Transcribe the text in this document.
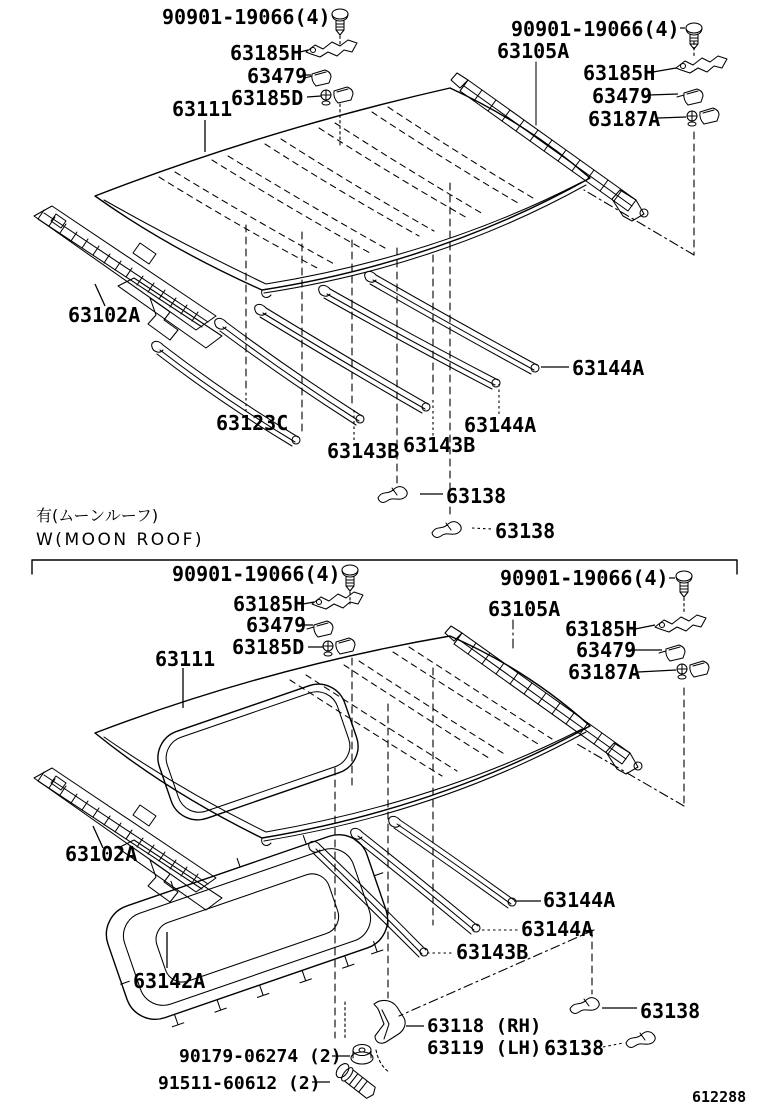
90901-19066(4)
63185H
63479
63185D
63111
63105A
90901-19066(4)
63185H
63479
63187A
63102A
63144A
63123C
63143B 63143B
63144A
63138
63138
有(ムーンルーフ)
W(MOON ROOF)
90901-19066(4)
63185H
63479
63185D
63111
63105A
90901-19066(4)
63185H
63479
63187A
63102A
63144A
63144A
63143B
63142A
63138
63118 (RH)
63119 (LH) 63138
90179-06274 (2)
91511-60612 (2)
612288
